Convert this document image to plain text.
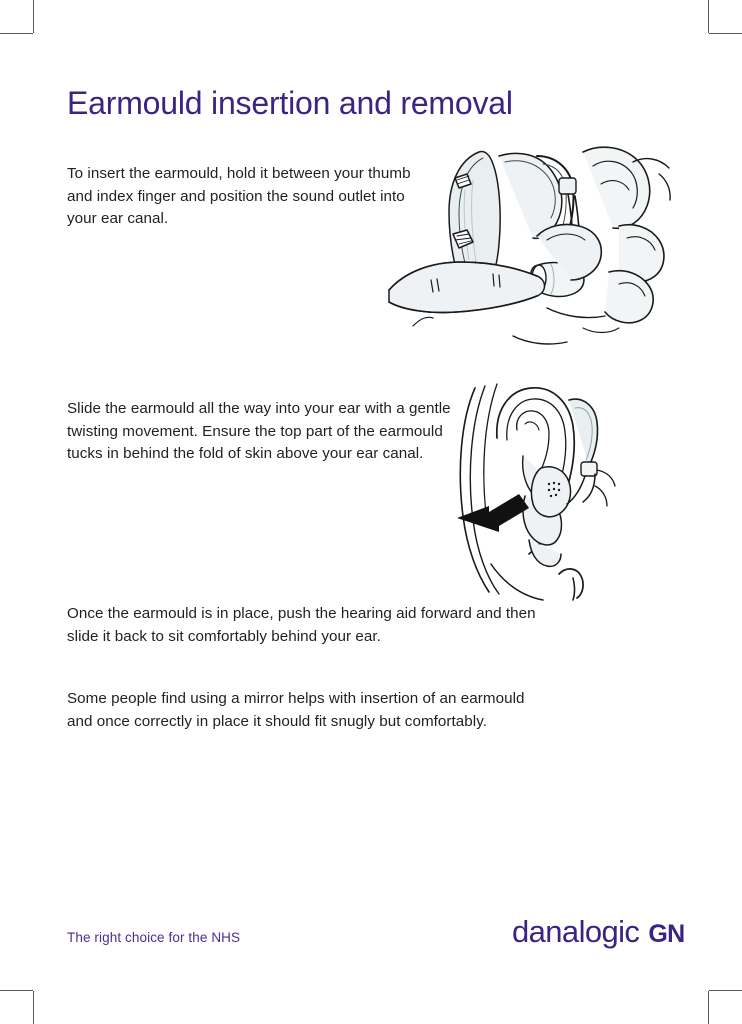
Earmould insertion and removal

To insert the earmould, hold it between your thumb and index finger and position the sound outlet into your ear canal.

Slide the earmould all the way into your ear with a gentle twisting movement. Ensure the top part of the earmould tucks in behind the fold of skin above your ear canal.

Once the earmould is in place, push the hearing aid forward and then slide it back to sit comfortably behind your ear.

Some people find using a mirror helps with insertion of an earmould and once correctly in place it should fit snugly but comfortably.

The right choice for the NHS	danalogic GN
